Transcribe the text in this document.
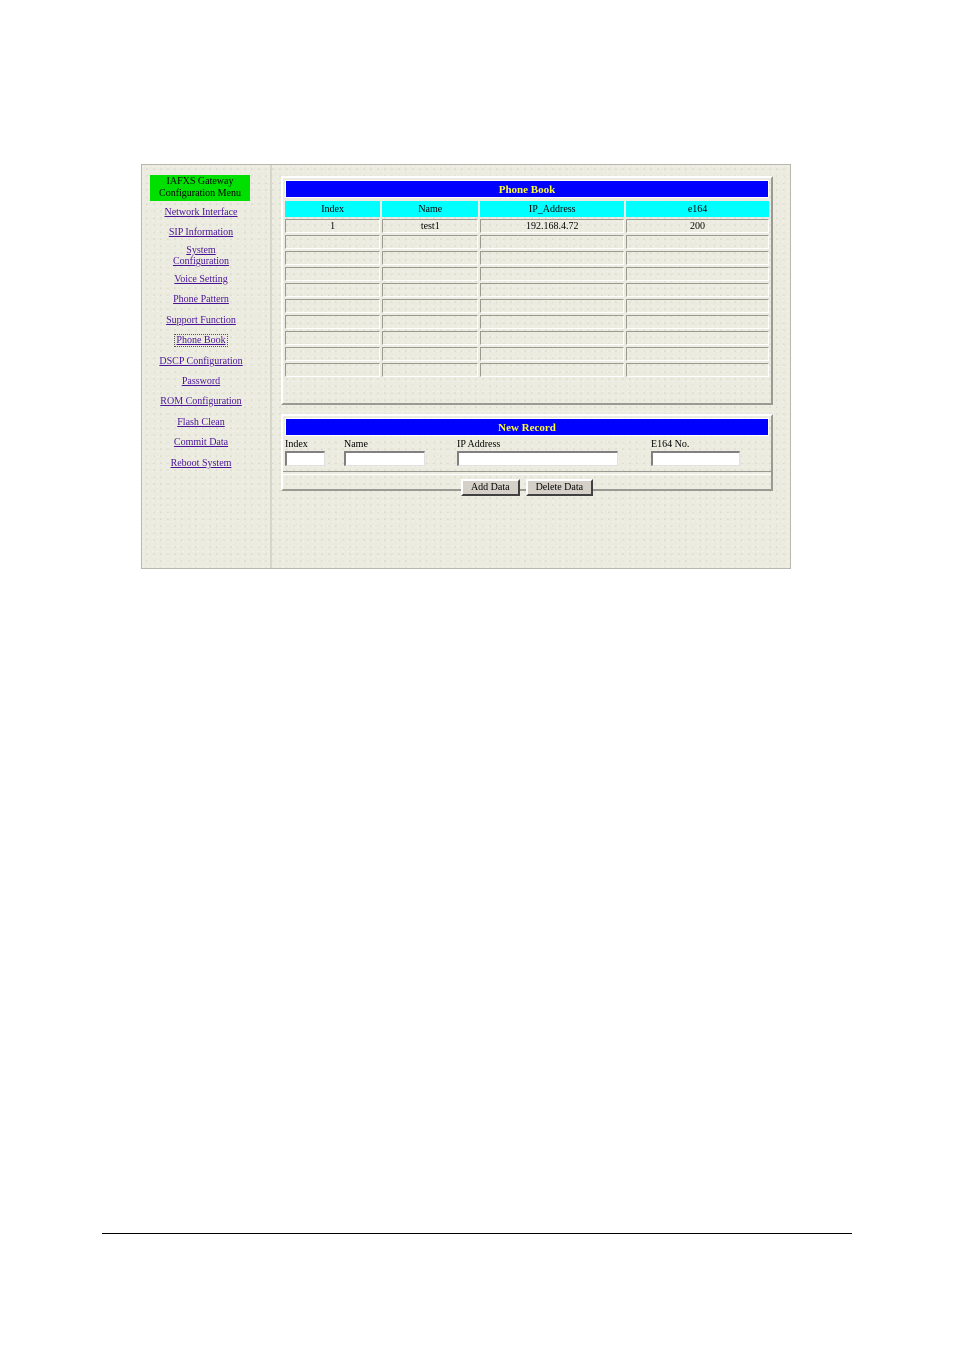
IAFXS Gateway
Configuration Menu
Network Interface
SIP Information
System
Configuration
Voice Setting
Phone Pattern
Support Function
Phone Book
DSCP Configuration
Password
ROM Configuration
Flash Clean
Commit Data
Reboot System
Phone Book
Index	Name	IP_Address	e164
1	test1	192.168.4.72	200

New Record
Index	Name	IP Address	E164 No.
Add Data	Delete Data
